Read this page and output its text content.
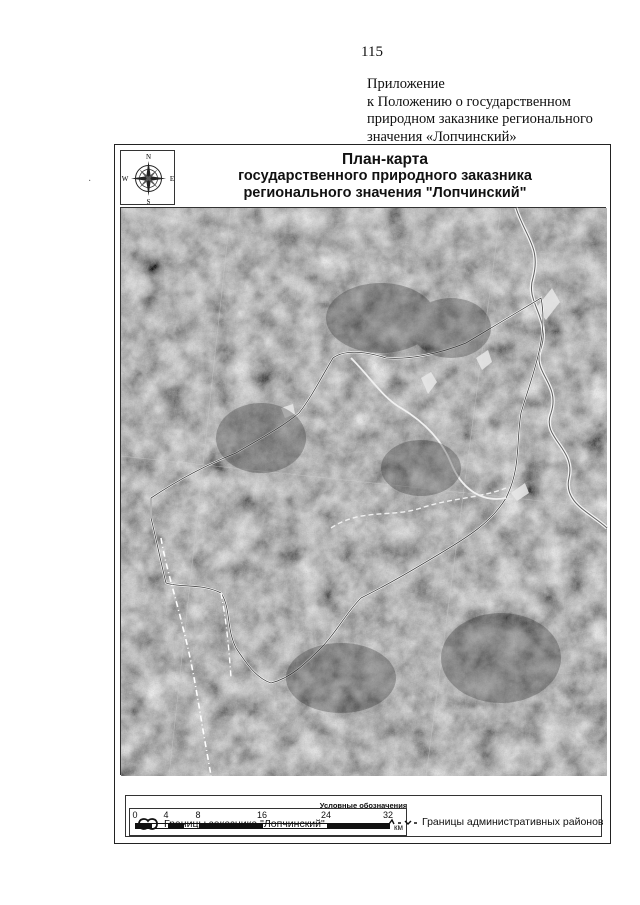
115
Приложение
к Положению о государственном
природном заказнике регионального
значения «Лопчинский»
·
N
S
W	E
План-карта
государственного природного заказника
регионального значения "Лопчинский"
0	4	8	16	24	32
км
Условные обозначения
Границы заказника "Лопчинский"	Границы административных районов
